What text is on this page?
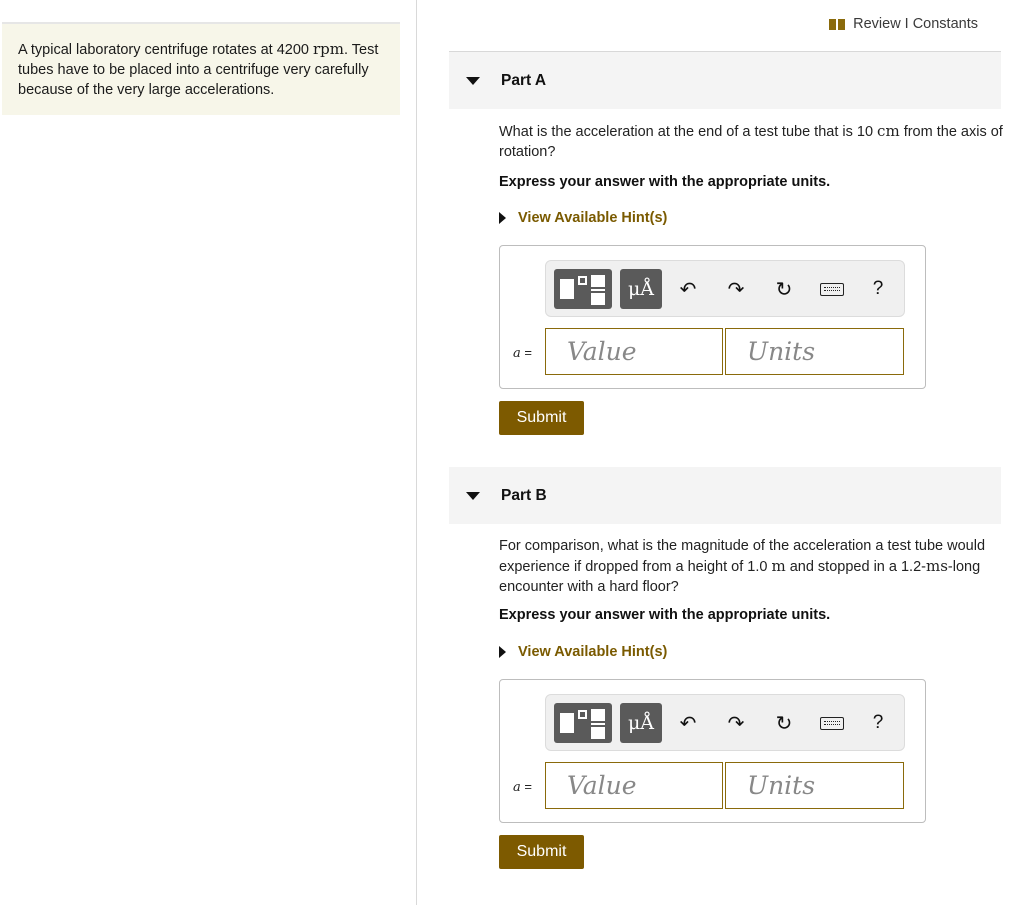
A typical laboratory centrifuge rotates at 4200 rpm. Test tubes have to be placed into a centrifuge very carefully because of the very large accelerations.
Review I Constants
Part A
What is the acceleration at the end of a test tube that is 10 cm from the axis of rotation?
Express your answer with the appropriate units.
View Available Hint(s)
μÅ	↶ ↷ ↻	?
a =	Value	Units
Submit
Part B
For comparison, what is the magnitude of the acceleration a test tube would experience if dropped from a height of 1.0 m and stopped in a 1.2-ms-long encounter with a hard floor?
Express your answer with the appropriate units.
View Available Hint(s)
μÅ	↶ ↷ ↻	?
a =	Value	Units
Submit
